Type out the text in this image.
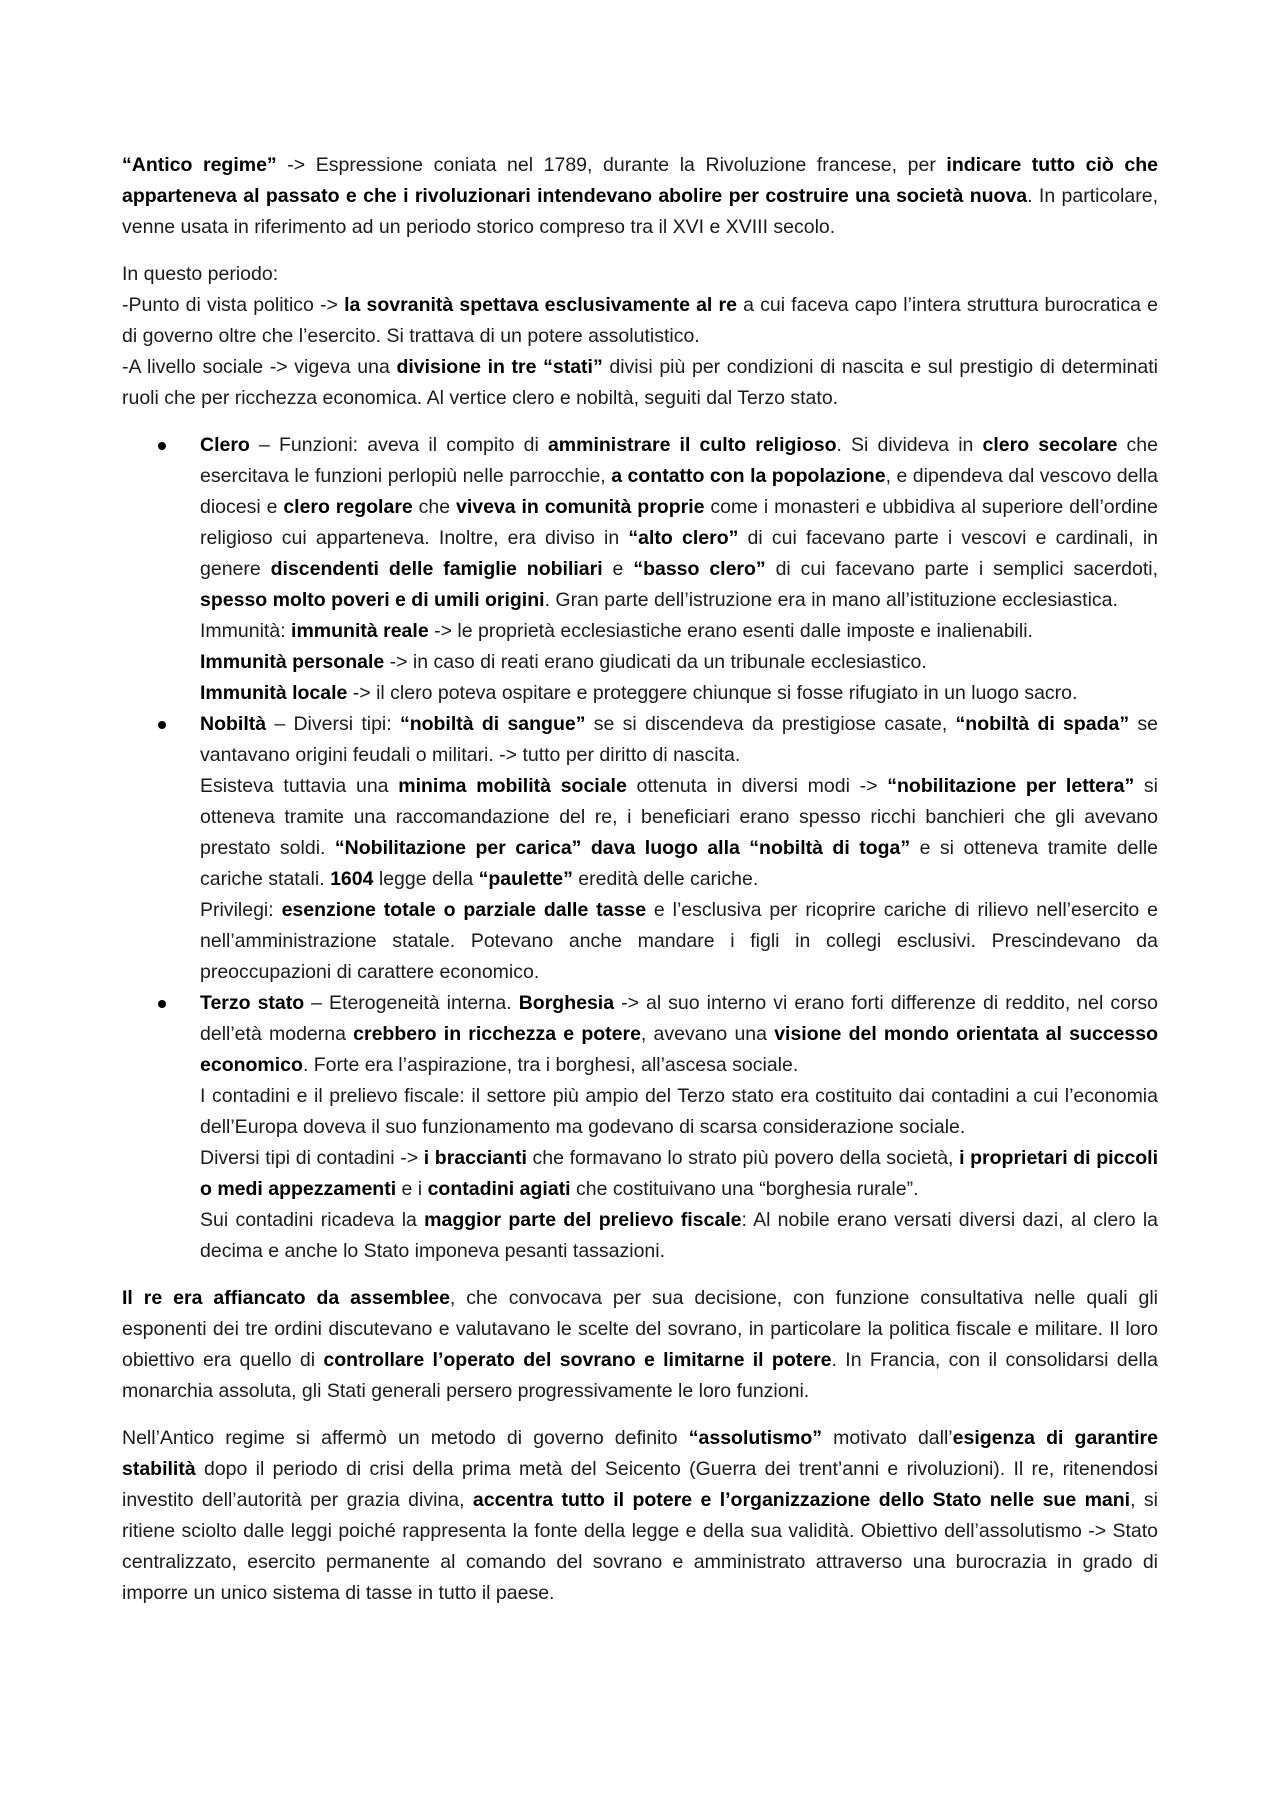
“Antico regime” -> Espressione coniata nel 1789, durante la Rivoluzione francese, per indicare tutto ciò che apparteneva al passato e che i rivoluzionari intendevano abolire per costruire una società nuova. In particolare, venne usata in riferimento ad un periodo storico compreso tra il XVI e XVIII secolo.

In questo periodo:

-Punto di vista politico -> la sovranità spettava esclusivamente al re a cui faceva capo l’intera struttura burocratica e di governo oltre che l’esercito. Si trattava di un potere assolutistico.

-A livello sociale -> vigeva una divisione in tre “stati” divisi più per condizioni di nascita e sul prestigio di determinati ruoli che per ricchezza economica. Al vertice clero e nobiltà, seguiti dal Terzo stato.

Clero – Funzioni: aveva il compito di amministrare il culto religioso. Si divideva in clero secolare che esercitava le funzioni perlopiù nelle parrocchie, a contatto con la popolazione, e dipendeva dal vescovo della diocesi e clero regolare che viveva in comunità proprie come i monasteri e ubbidiva al superiore dell’ordine religioso cui apparteneva. Inoltre, era diviso in “alto clero” di cui facevano parte i vescovi e cardinali, in genere discendenti delle famiglie nobiliari e “basso clero” di cui facevano parte i semplici sacerdoti, spesso molto poveri e di umili origini. Gran parte dell’istruzione era in mano all’istituzione ecclesiastica.

Immunità: immunità reale -> le proprietà ecclesiastiche erano esenti dalle imposte e inalienabili.

Immunità personale -> in caso di reati erano giudicati da un tribunale ecclesiastico.

Immunità locale -> il clero poteva ospitare e proteggere chiunque si fosse rifugiato in un luogo sacro.

Nobiltà – Diversi tipi: “nobiltà di sangue” se si discendeva da prestigiose casate, “nobiltà di spada” se vantavano origini feudali o militari. -> tutto per diritto di nascita.

Esisteva tuttavia una minima mobilità sociale ottenuta in diversi modi -> “nobilitazione per lettera” si otteneva tramite una raccomandazione del re, i beneficiari erano spesso ricchi banchieri che gli avevano prestato soldi. “Nobilitazione per carica” dava luogo alla “nobiltà di toga” e si otteneva tramite delle cariche statali. 1604 legge della “paulette” eredità delle cariche.

Privilegi: esenzione totale o parziale dalle tasse e l’esclusiva per ricoprire cariche di rilievo nell’esercito e nell’amministrazione statale. Potevano anche mandare i figli in collegi esclusivi. Prescindevano da preoccupazioni di carattere economico.

Terzo stato – Eterogeneità interna. Borghesia -> al suo interno vi erano forti differenze di reddito, nel corso dell’età moderna crebbero in ricchezza e potere, avevano una visione del mondo orientata al successo economico. Forte era l’aspirazione, tra i borghesi, all’ascesa sociale.

I contadini e il prelievo fiscale: il settore più ampio del Terzo stato era costituito dai contadini a cui l’economia dell’Europa doveva il suo funzionamento ma godevano di scarsa considerazione sociale.

Diversi tipi di contadini -> i braccianti che formavano lo strato più povero della società, i proprietari di piccoli o medi appezzamenti e i contadini agiati che costituivano una “borghesia rurale”.

Sui contadini ricadeva la maggior parte del prelievo fiscale: Al nobile erano versati diversi dazi, al clero la decima e anche lo Stato imponeva pesanti tassazioni.

Il re era affiancato da assemblee, che convocava per sua decisione, con funzione consultativa nelle quali gli esponenti dei tre ordini discutevano e valutavano le scelte del sovrano, in particolare la politica fiscale e militare. Il loro obiettivo era quello di controllare l’operato del sovrano e limitarne il potere. In Francia, con il consolidarsi della monarchia assoluta, gli Stati generali persero progressivamente le loro funzioni.

Nell’Antico regime si affermò un metodo di governo definito “assolutismo” motivato dall’esigenza di garantire stabilità dopo il periodo di crisi della prima metà del Seicento (Guerra dei trent’anni e rivoluzioni). Il re, ritenendosi investito dell’autorità per grazia divina, accentra tutto il potere e l’organizzazione dello Stato nelle sue mani, si ritiene sciolto dalle leggi poiché rappresenta la fonte della legge e della sua validità. Obiettivo dell’assolutismo -> Stato centralizzato, esercito permanente al comando del sovrano e amministrato attraverso una burocrazia in grado di imporre un unico sistema di tasse in tutto il paese.
